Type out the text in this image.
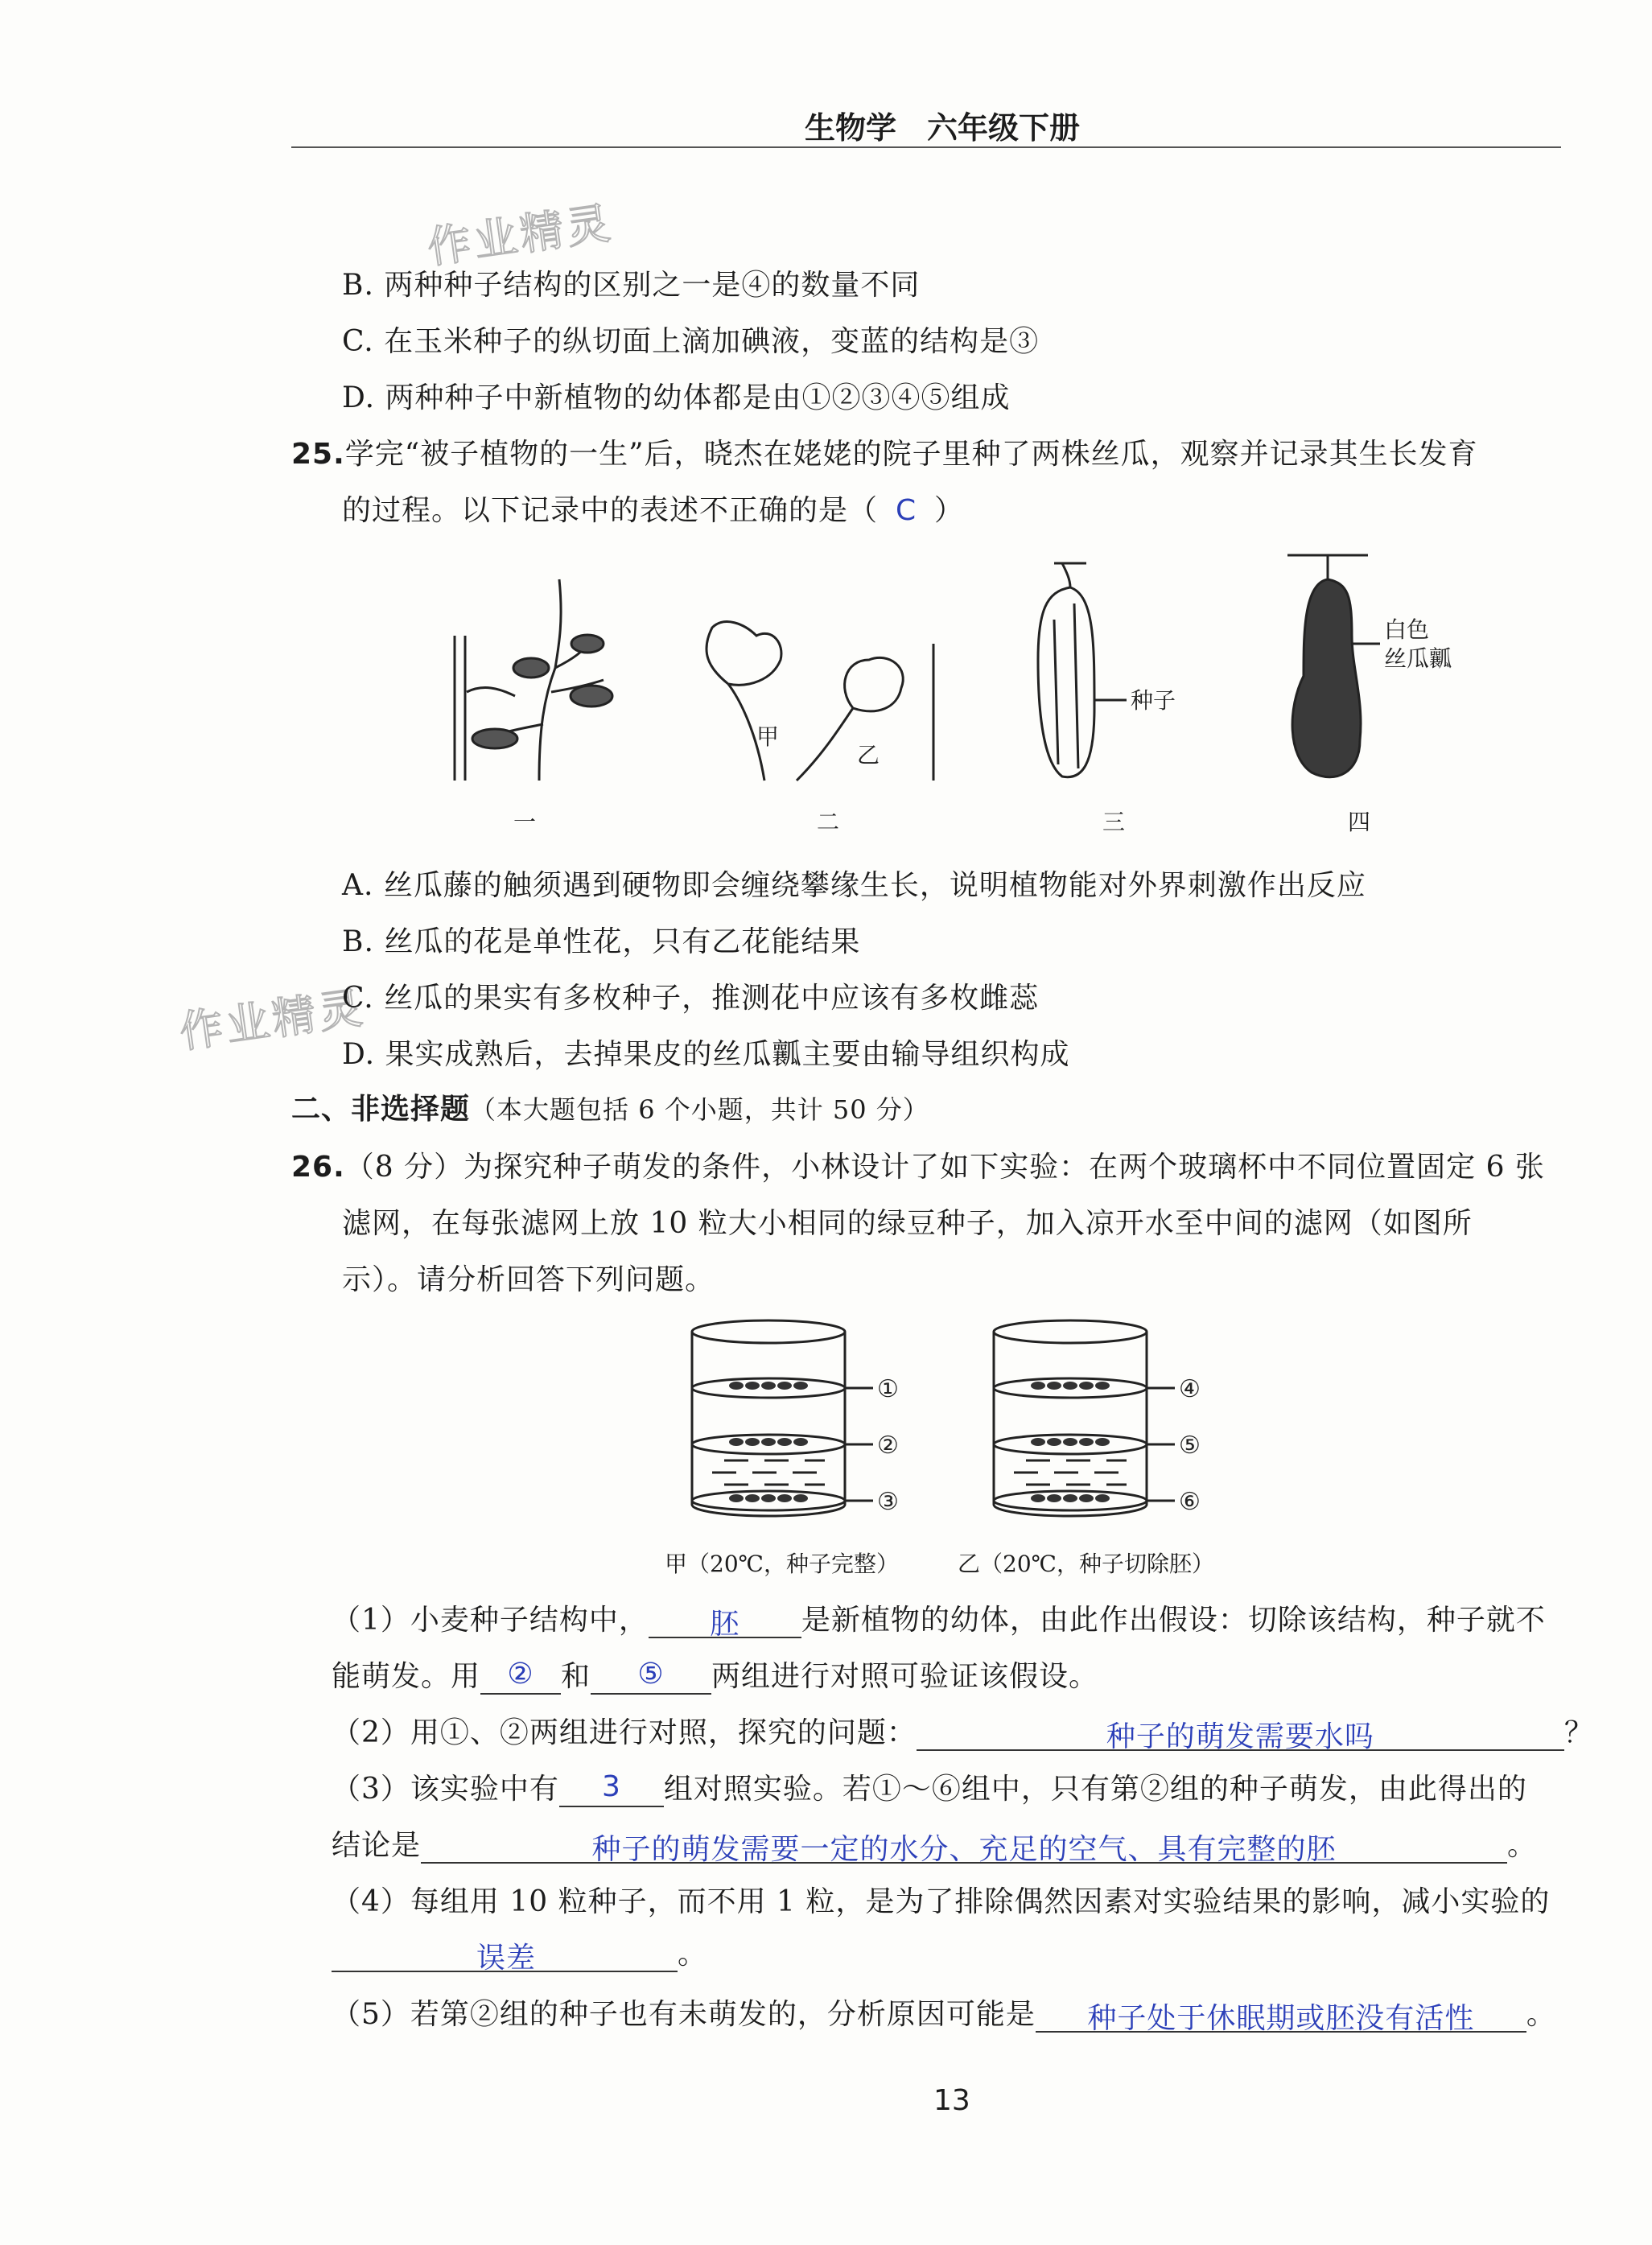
生物学　六年级下册
作业精灵
作业精灵
B. 两种种子结构的区别之一是④的数量不同
C. 在玉米种子的纵切面上滴加碘液，变蓝的结构是③
D. 两种种子中新植物的幼体都是由①②③④⑤组成
25.学完“被子植物的一生”后，晓杰在姥姥的院子里种了两株丝瓜，观察并记录其生长发育
的过程。以下记录中的表述不正确的是（ C ）
甲
乙
种子
白色
丝瓜瓤
一	二	三	四
A. 丝瓜藤的触须遇到硬物即会缠绕攀缘生长，说明植物能对外界刺激作出反应
B. 丝瓜的花是单性花，只有乙花能结果
C. 丝瓜的果实有多枚种子，推测花中应该有多枚雌蕊
D. 果实成熟后，去掉果皮的丝瓜瓤主要由输导组织构成
二、非选择题（本大题包括 6 个小题，共计 50 分）
26.（8 分）为探究种子萌发的条件，小林设计了如下实验：在两个玻璃杯中不同位置固定 6 张
滤网，在每张滤网上放 10 粒大小相同的绿豆种子，加入凉开水至中间的滤网（如图所
示）。请分析回答下列问题。
①
②
③
④
⑤
⑥
甲（20℃，种子完整）	乙（20℃，种子切除胚）
（1）小麦种子结构中， 胚 是新植物的幼体，由此作出假设：切除该结构，种子就不
能萌发。用 ② 和 ⑤ 两组进行对照可验证该假设。
（2）用①、②两组进行对照，探究的问题：	种子的萌发需要水吗	？
（3）该实验中有 3 组对照实验。若①～⑥组中，只有第②组的种子萌发，由此得出的
结论是	种子的萌发需要一定的水分、充足的空气、具有完整的胚	。
（4）每组用 10 粒种子，而不用 1 粒，是为了排除偶然因素对实验结果的影响，减小实验的
误差	。
（5）若第②组的种子也有未萌发的，分析原因可能是 种子处于休眠期或胚没有活性 。
13
